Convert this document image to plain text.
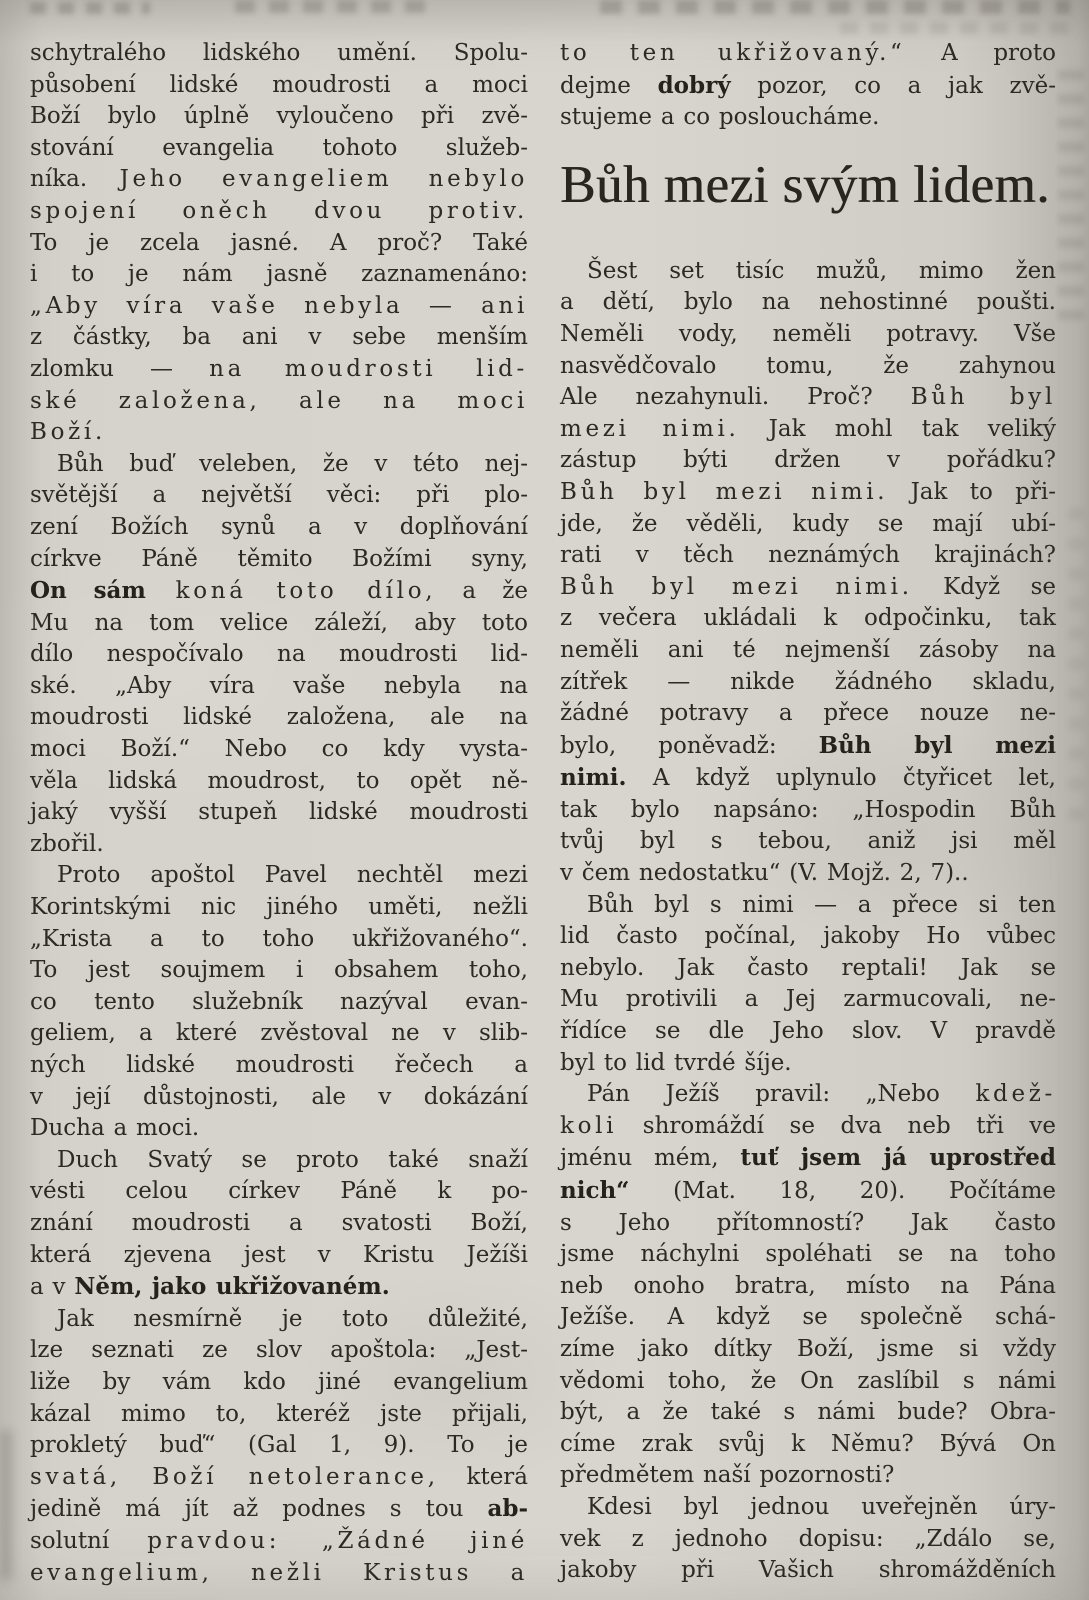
schytralého lidského umění. Spolu-
působení lidské moudrosti a moci
Boží bylo úplně vyloučeno při zvě-
stování evangelia tohoto služeb-
níka. Jeho evangeliem nebylo
spojení oněch dvou protiv.
To je zcela jasné. A proč? Také
i to je nám jasně zaznamenáno:
„Aby víra vaše nebyla — ani
z částky, ba ani v sebe menším
zlomku — na moudrosti lid-
ské založena, ale na moci
Boží.
Bůh buď veleben, že v této nej-
světější a největší věci: při plo-
zení Božích synů a v doplňování
církve Páně těmito Božími syny,
On sám koná toto dílo, a že
Mu na tom velice záleží, aby toto
dílo nespočívalo na moudrosti lid-
ské. „Aby víra vaše nebyla na
moudrosti lidské založena, ale na
moci Boží.“ Nebo co kdy vysta-
věla lidská moudrost, to opět ně-
jaký vyšší stupeň lidské moudrosti
zbořil.
Proto apoštol Pavel nechtěl mezi
Korintskými nic jiného uměti, nežli
„Krista a to toho ukřižovaného“.
To jest soujmem i obsahem toho,
co tento služebník nazýval evan-
geliem, a které zvěstoval ne v slib-
ných lidské moudrosti řečech a
v její důstojnosti, ale v dokázání
Ducha a moci.
Duch Svatý se proto také snaží
vésti celou církev Páně k po-
znání moudrosti a svatosti Boží,
která zjevena jest v Kristu Ježíši
a v Něm, jako ukřižovaném.
Jak nesmírně je toto důležité,
lze seznati ze slov apoštola: „Jest-
liže by vám kdo jiné evangelium
kázal mimo to, kteréž jste přijali,
prokletý buď“ (Gal 1, 9). To je
svatá, Boží netolerance, která
jedině má jít až podnes s tou ab-
solutní pravdou: „Žádné jiné
evangelium, nežli Kristus a
to ten ukřižovaný.“ A proto
dejme dobrý pozor, co a jak zvě-
stujeme a co posloucháme.
Bůh mezi svým lidem.
Šest set tisíc mužů, mimo žen
a dětí, bylo na nehostinné poušti.
Neměli vody, neměli potravy. Vše
nasvědčovalo tomu, že zahynou
Ale nezahynuli. Proč? Bůh byl
mezi nimi. Jak mohl tak veliký
zástup býti držen v pořádku?
Bůh byl mezi nimi. Jak to při-
jde, že věděli, kudy se mají ubí-
rati v těch neznámých krajinách?
Bůh byl mezi nimi. Když se
z večera ukládali k odpočinku, tak
neměli ani té nejmenší zásoby na
zítřek — nikde žádného skladu,
žádné potravy a přece nouze ne-
bylo, poněvadž: Bůh byl mezi
nimi. A když uplynulo čtyřicet let,
tak bylo napsáno: „Hospodin Bůh
tvůj byl s tebou, aniž jsi měl
v čem nedostatku“ (V. Mojž. 2, 7)..
Bůh byl s nimi — a přece si ten
lid často počínal, jakoby Ho vůbec
nebylo. Jak často reptali! Jak se
Mu protivili a Jej zarmucovali, ne-
řídíce se dle Jeho slov. V pravdě
byl to lid tvrdé šíje.
Pán Ježíš pravil: „Nebo kdež-
koli shromáždí se dva neb tři ve
jménu mém, tuť jsem já uprostřed
nich“ (Mat. 18, 20). Počítáme
s Jeho přítomností? Jak často
jsme náchylni spoléhati se na toho
neb onoho bratra, místo na Pána
Ježíše. A když se společně schá-
zíme jako dítky Boží, jsme si vždy
vědomi toho, že On zaslíbil s námi
být, a že také s námi bude? Obra-
címe zrak svůj k Němu? Bývá On
předmětem naší pozornosti?
Kdesi byl jednou uveřejněn úry-
vek z jednoho dopisu: „Zdálo se,
jakoby při Vašich shromážděních
